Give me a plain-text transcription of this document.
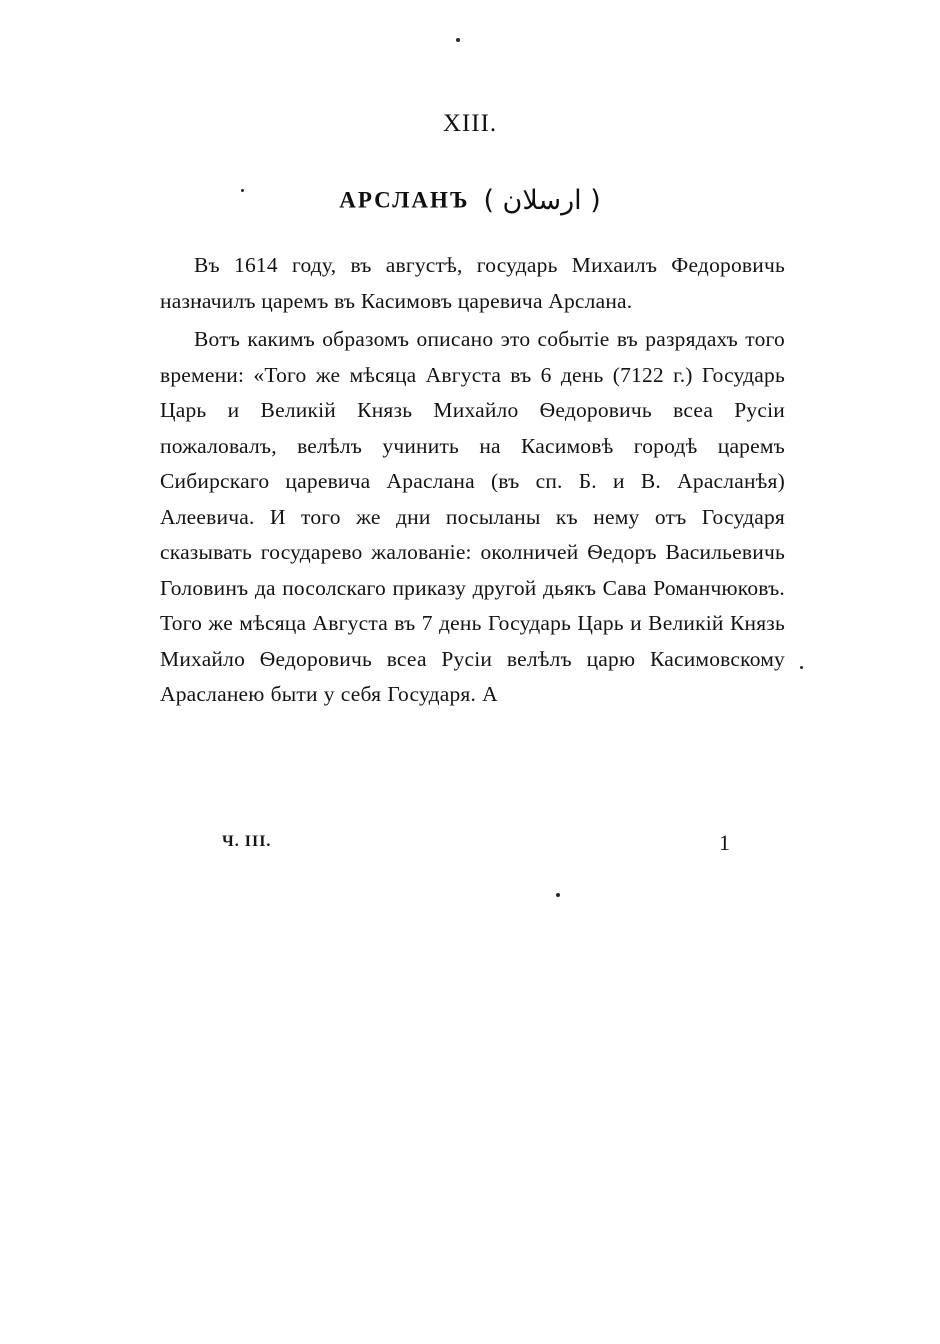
XIII.
АРСЛАНЪ ( ارسلان )

Въ 1614 году, въ августѣ, государь Михаилъ Федоровичь назначилъ царемъ въ Касимовъ царевича Арслана.

Вотъ какимъ образомъ описано это событіе въ разрядахъ того времени: «Того же мѣсяца Августа въ 6 день (7122 г.) Государь Царь и Великій Князь Михайло Ѳедоровичь всеа Русіи пожаловалъ, велѣлъ учинить на Касимовѣ городѣ царемъ Сибирскаго царевича Араслана (въ сп. Б. и В. Арасланѣя) Алеевича. И того же дни посыланы къ нему отъ Государя сказывать государево жалованіе: околничей Ѳедоръ Васильевичь Головинъ да посолскаго приказу другой дьякъ Сава Романчюковъ. Того же мѣсяца Августа въ 7 день Государь Царь и Великій Князь Михайло Ѳедоровичь всеа Русіи велѣлъ царю Касимовскому Арасланею быти у себя Государя. А

Ч. III.	1
